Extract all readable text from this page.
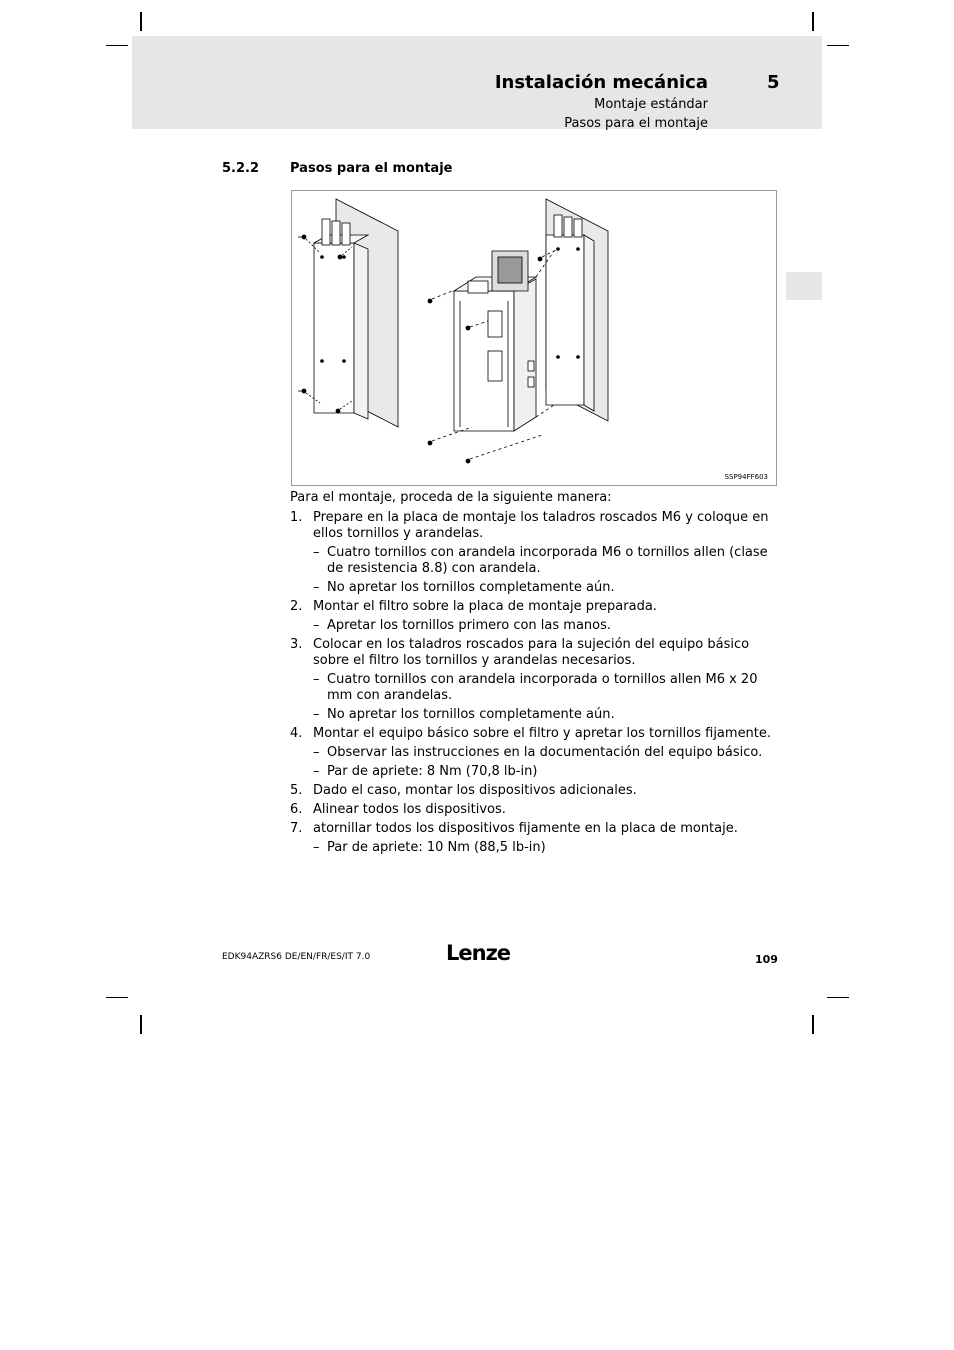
Instalación mecánica	5
Montaje estándar
Pasos para el montaje
5.2.2 Pasos para el montaje
SSP94FF603

Para el montaje, proceda de la siguiente manera:

1. Prepare en la placa de montaje los taladros roscados M6 y coloque en ellos tornillos y arandelas.
– Cuatro tornillos con arandela incorporada M6 o tornillos allen (clase de resistencia 8.8) con arandela.
– No apretar los tornillos completamente aún.
2. Montar el filtro sobre la placa de montaje preparada.
– Apretar los tornillos primero con las manos.
3. Colocar en los taladros roscados para la sujeción del equipo básico sobre el filtro los tornillos y arandelas necesarios.
– Cuatro tornillos con arandela incorporada o tornillos allen M6 x 20 mm con arandelas.
– No apretar los tornillos completamente aún.
4. Montar el equipo básico sobre el filtro y apretar los tornillos fijamente.
– Observar las instrucciones en la documentación del equipo básico.
– Par de apriete: 8 Nm (70,8 lb-in)
5. Dado el caso, montar los dispositivos adicionales.
6. Alinear todos los dispositivos.
7. atornillar todos los dispositivos fijamente en la placa de montaje.
– Par de apriete: 10 Nm (88,5 lb-in)
EDK94AZRS6 DE/EN/FR/ES/IT 7.0	Lenze	109
